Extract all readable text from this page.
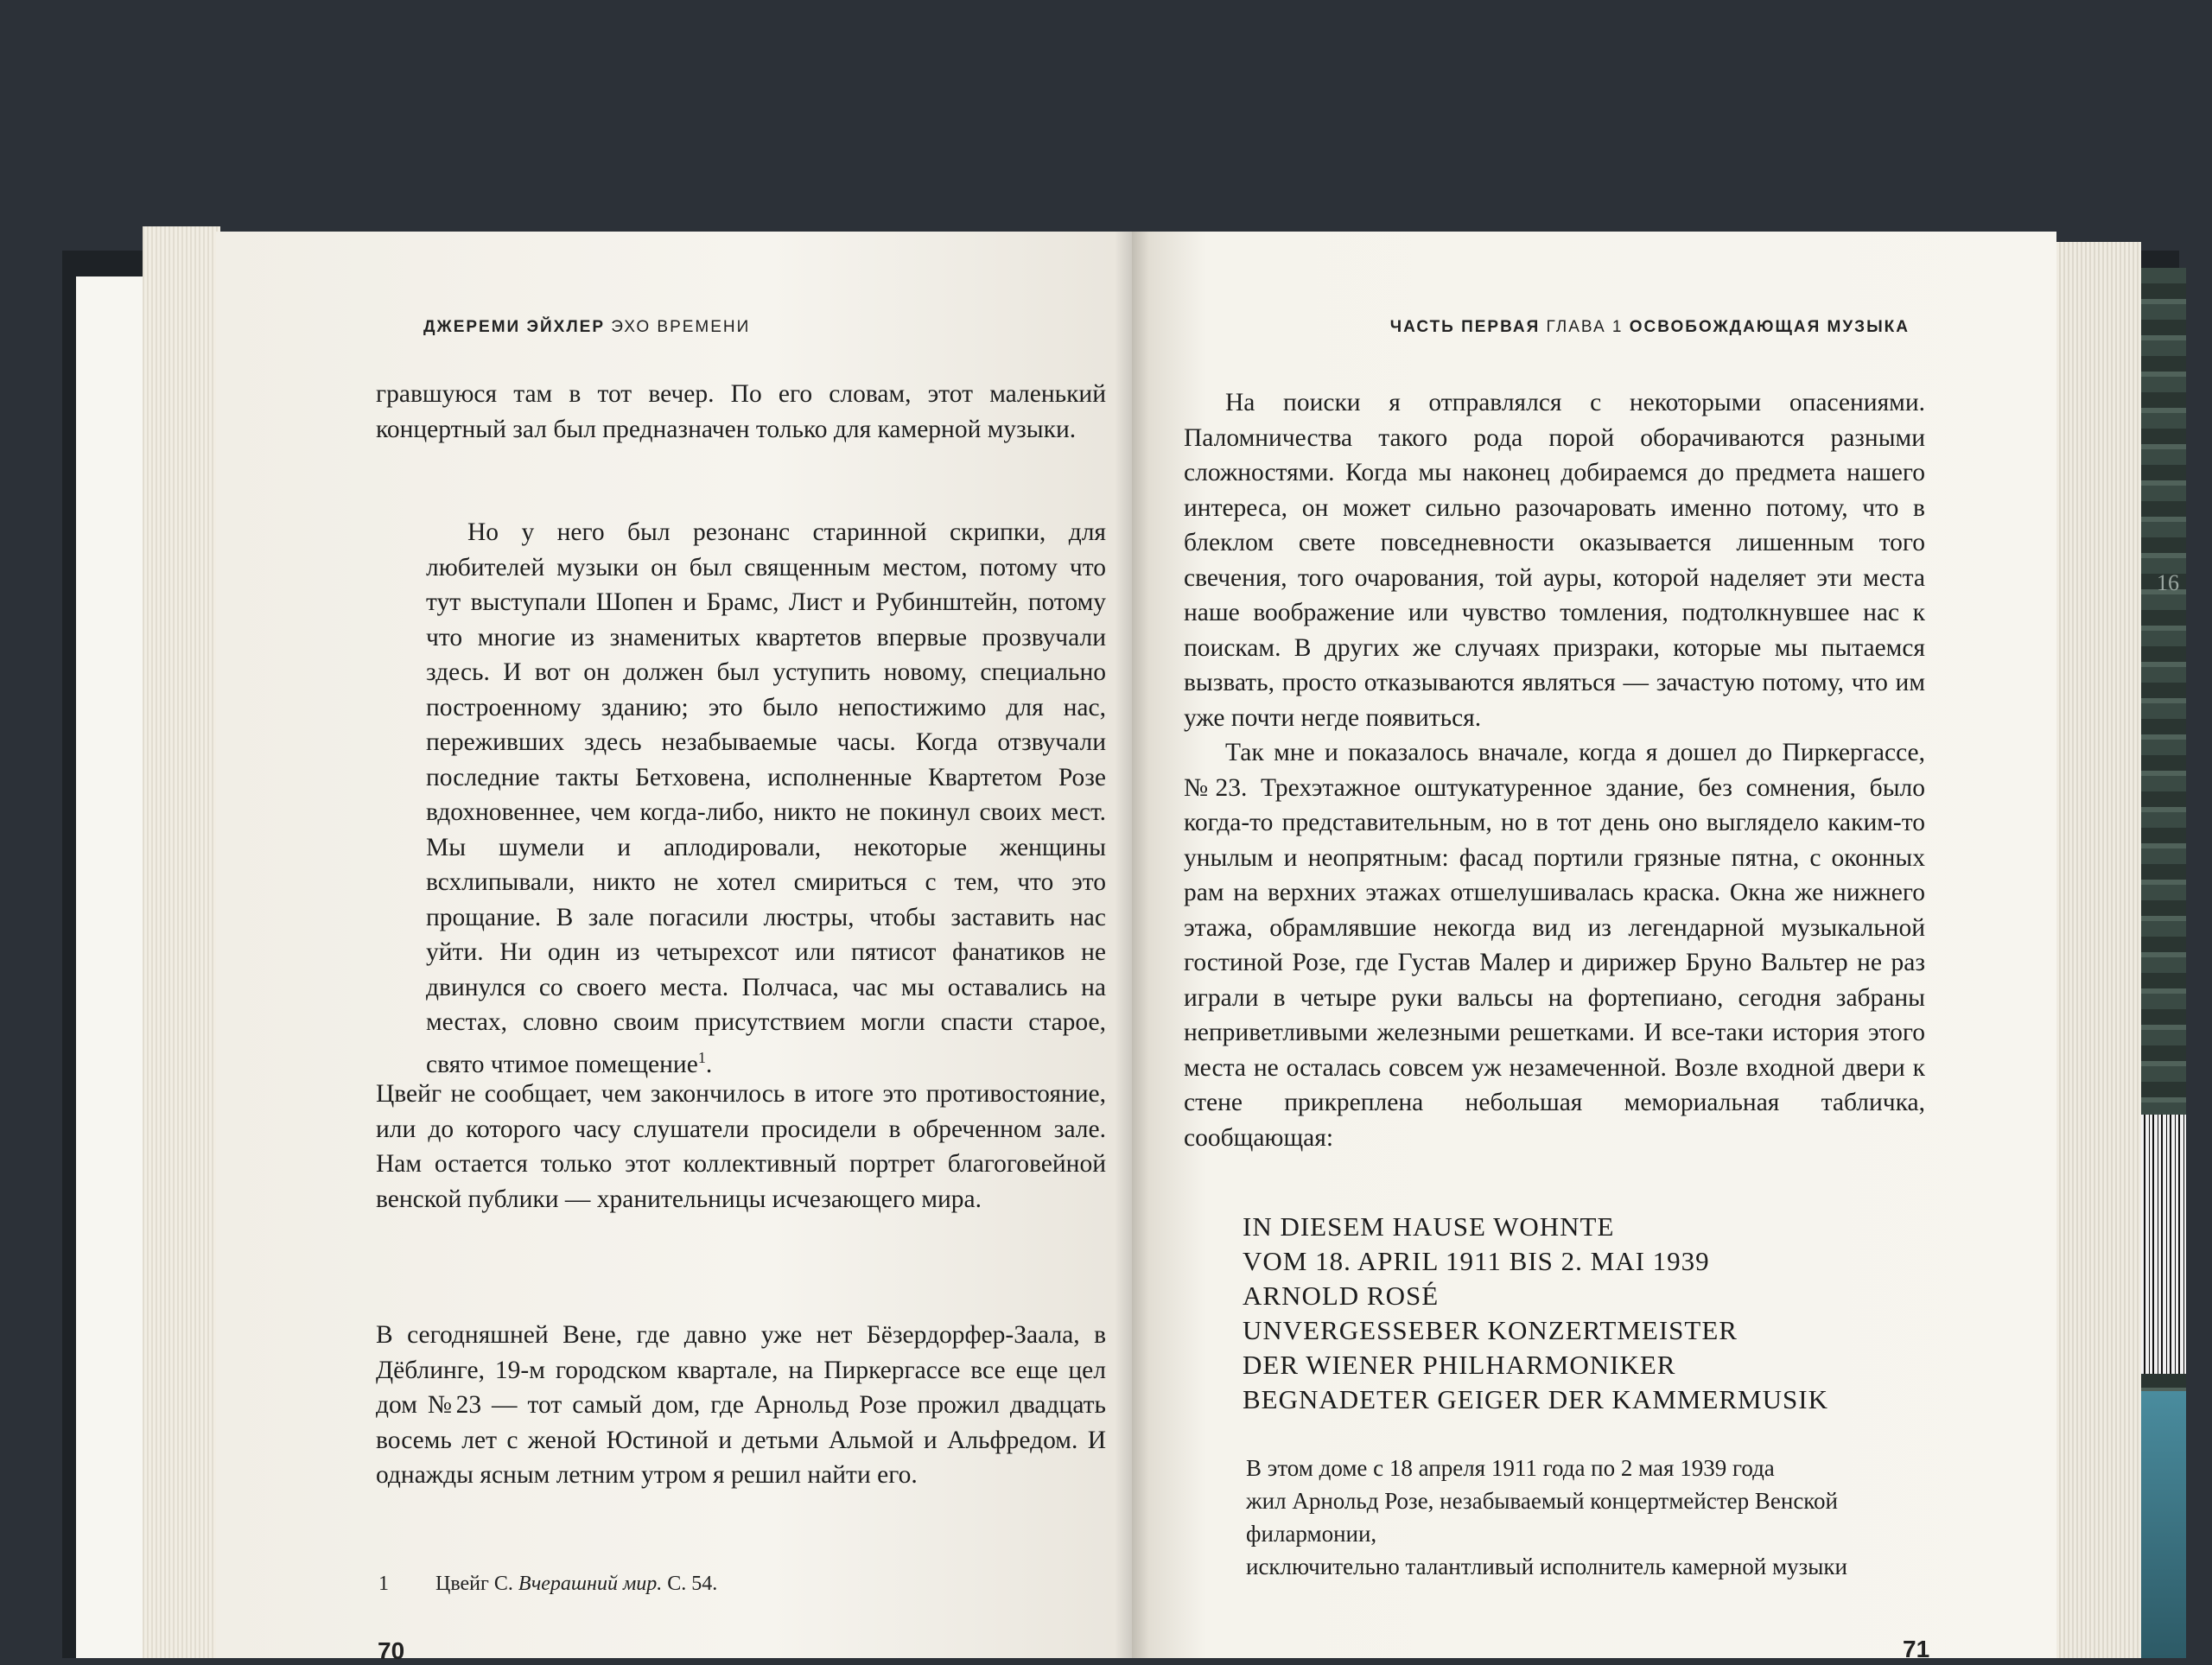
16
ДЖЕРЕМИ ЭЙХЛЕР ЭХО ВРЕМЕНИ

гравшуюся там в тот вечер. По его словам, этот маленький концертный зал был предназначен только для камерной музыки.

Но у него был резонанс старинной скрипки, для любителей музыки он был священным местом, потому что тут выступали Шопен и Брамс, Лист и Рубинштейн, потому что многие из знаменитых квартетов впервые прозвучали здесь. И вот он должен был уступить новому, специально построенному зданию; это было непостижимо для нас, переживших здесь незабываемые часы. Когда отзвучали последние такты Бетховена, исполненные Квартетом Розе вдохновеннее, чем когда-либо, никто не покинул своих мест. Мы шумели и аплодировали, некоторые женщины всхлипывали, никто не хотел смириться с тем, что это прощание. В зале погасили люстры, чтобы заставить нас уйти. Ни один из четырехсот или пятисот фанатиков не двинулся со своего места. Полчаса, час мы оставались на местах, словно своим присутствием могли спасти старое, свято чтимое помещение$^1$.

Цвейг не сообщает, чем закончилось в итоге это противостояние, или до которого часу слушатели просидели в обреченном зале. Нам остается только этот коллективный портрет благоговейной венской публики — хранительницы исчезающего мира.

В сегодняшней Вене, где давно уже нет Бёзердорфер-Заала, в Дёблинге, 19-м городском квартале, на Пиркергассе все еще цел дом №23 — тот самый дом, где Арнольд Розе прожил двадцать восемь лет с женой Юстиной и детьми Альмой и Альфредом. И однажды ясным летним утром я решил найти его.

1 Цвейг С. Вчерашний мир. С. 54.
70
ЧАСТЬ ПЕРВАЯ ГЛАВА 1 ОСВОБОЖДАЮЩАЯ МУЗЫКА

На поиски я отправлялся с некоторыми опасениями. Паломничества такого рода порой оборачиваются разными сложностями. Когда мы наконец добираемся до предмета нашего интереса, он может сильно разочаровать именно потому, что в блеклом свете повседневности оказывается лишенным того свечения, того очарования, той ауры, которой наделяет эти места наше воображение или чувство томления, подтолкнувшее нас к поискам. В других же случаях призраки, которые мы пытаемся вызвать, просто отказываются являться — зачастую потому, что им уже почти негде появиться.

Так мне и показалось вначале, когда я дошел до Пиркергассе, №23. Трехэтажное оштукатуренное здание, без сомнения, было когда-то представительным, но в тот день оно выглядело каким-то унылым и неопрятным: фасад портили грязные пятна, с оконных рам на верхних этажах отшелушивалась краска. Окна же нижнего этажа, обрамлявшие некогда вид из легендарной музыкальной гостиной Розе, где Густав Малер и дирижер Бруно Вальтер не раз играли в четыре руки вальсы на фортепиано, сегодня забраны неприветливыми железными решетками. И все-таки история этого места не осталась совсем уж незамеченной. Возле входной двери к стене прикреплена небольшая мемориальная табличка, сообщающая:

IN DIESEM HAUSE WOHNTE
VOM 18. APRIL 1911 BIS 2. MAI 1939
ARNOLD ROSÉ
UNVERGESSEBER KONZERTMEISTER
DER WIENER PHILHARMONIKER
BEGNADETER GEIGER DER KAMMERMUSIK
В этом доме с 18 апреля 1911 года по 2 мая 1939 года
жил Арнольд Розе, незабываемый концертмейстер Венской
филармонии,
исключительно талантливый исполнитель камерной музыки
71
